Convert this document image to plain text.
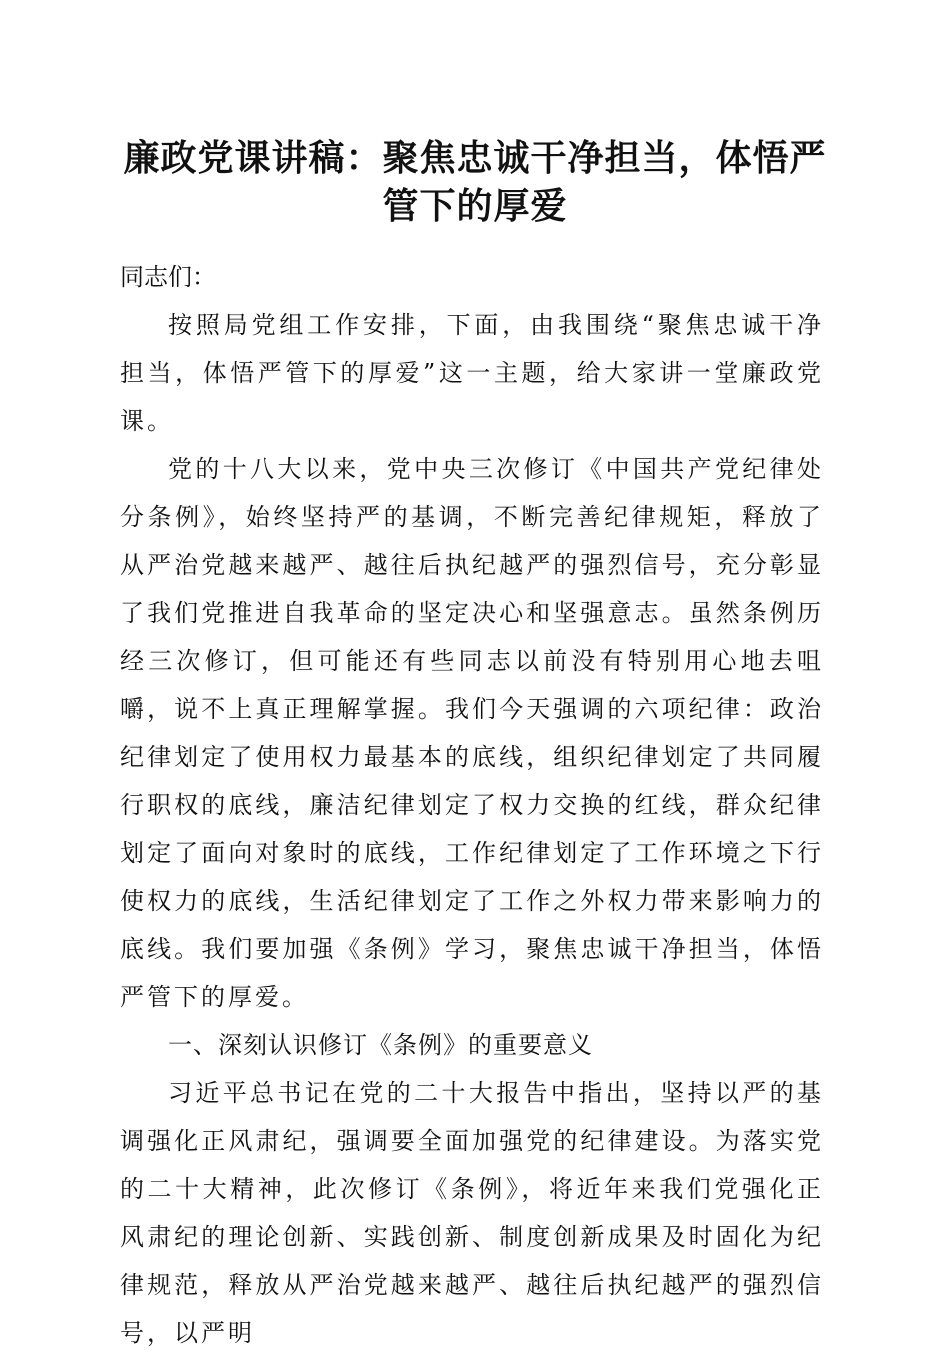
廉政党课讲稿：聚焦忠诚干净担当，体悟严管下的厚爱

同志们：

按照局党组工作安排，下面，由我围绕“聚焦忠诚干净担当，体悟严管下的厚爱”这一主题，给大家讲一堂廉政党课。

党的十八大以来，党中央三次修订《中国共产党纪律处分条例》，始终坚持严的基调，不断完善纪律规矩，释放了从严治党越来越严、越往后执纪越严的强烈信号，充分彰显了我们党推进自我革命的坚定决心和坚强意志。虽然条例历经三次修订，但可能还有些同志以前没有特别用心地去咀嚼，说不上真正理解掌握。我们今天强调的六项纪律：政治纪律划定了使用权力最基本的底线，组织纪律划定了共同履行职权的底线，廉洁纪律划定了权力交换的红线，群众纪律划定了面向对象时的底线，工作纪律划定了工作环境之下行使权力的底线，生活纪律划定了工作之外权力带来影响力的底线。我们要加强《条例》学习，聚焦忠诚干净担当，体悟严管下的厚爱。

一、深刻认识修订《条例》的重要意义

习近平总书记在党的二十大报告中指出，坚持以严的基调强化正风肃纪，强调要全面加强党的纪律建设。为落实党的二十大精神，此次修订《条例》，将近年来我们党强化正风肃纪的理论创新、实践创新、制度创新成果及时固化为纪律规范，释放从严治党越来越严、越往后执纪越严的强烈信号，以严明
